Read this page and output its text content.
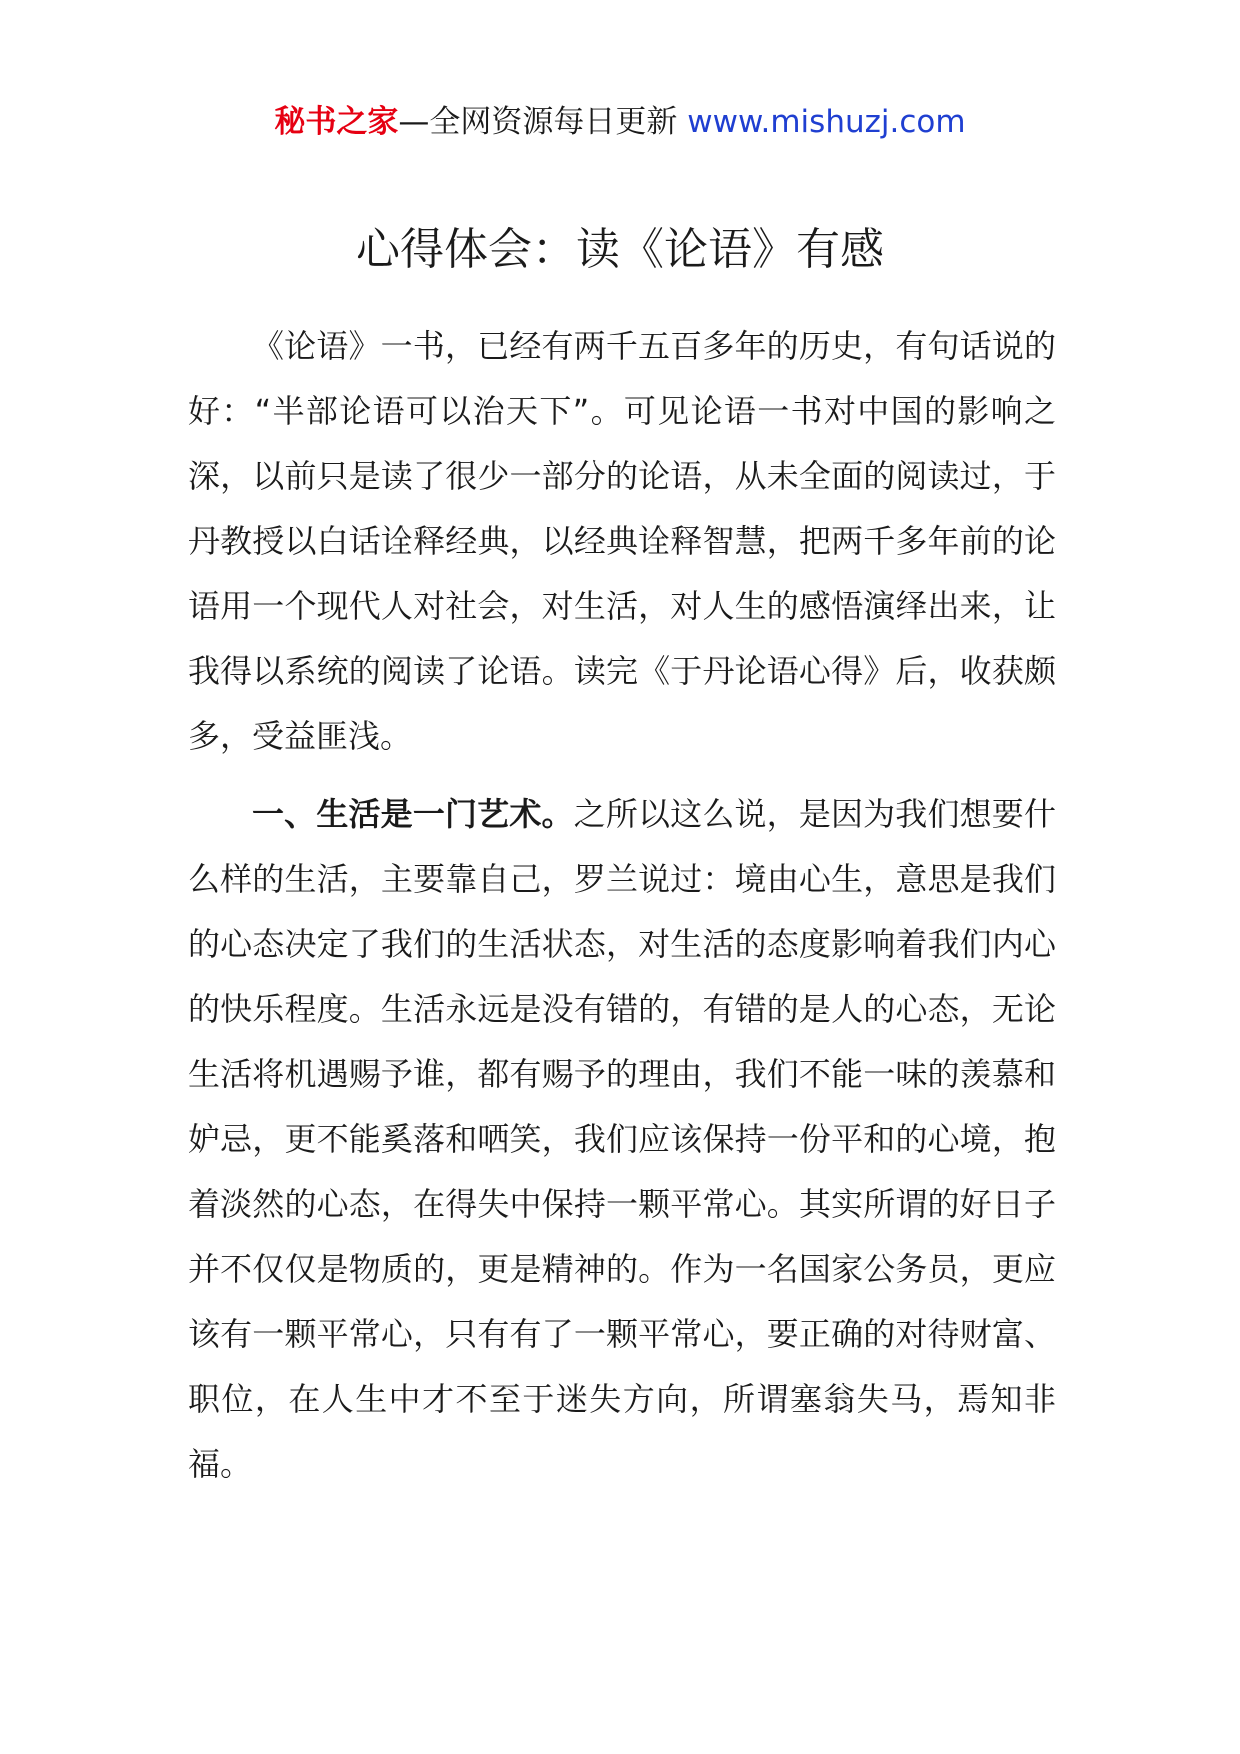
秘书之家—全网资源每日更新 www.mishuzj.com
心得体会：读《论语》有感

《论语》一书，已经有两千五百多年的历史，有句话说的好：“半部论语可以治天下”。可见论语一书对中国的影响之深，以前只是读了很少一部分的论语，从未全面的阅读过，于丹教授以白话诠释经典，以经典诠释智慧，把两千多年前的论语用一个现代人对社会，对生活，对人生的感悟演绎出来，让我得以系统的阅读了论语。读完《于丹论语心得》后，收获颇多，受益匪浅。

一、生活是一门艺术。之所以这么说，是因为我们想要什么样的生活，主要靠自己，罗兰说过：境由心生，意思是我们的心态决定了我们的生活状态，对生活的态度影响着我们内心的快乐程度。生活永远是没有错的，有错的是人的心态，无论生活将机遇赐予谁，都有赐予的理由，我们不能一味的羡慕和妒忌，更不能奚落和哂笑，我们应该保持一份平和的心境，抱着淡然的心态，在得失中保持一颗平常心。其实所谓的好日子并不仅仅是物质的，更是精神的。作为一名国家公务员，更应该有一颗平常心，只有有了一颗平常心，要正确的对待财富、职位，在人生中才不至于迷失方向，所谓塞翁失马，焉知非福。
